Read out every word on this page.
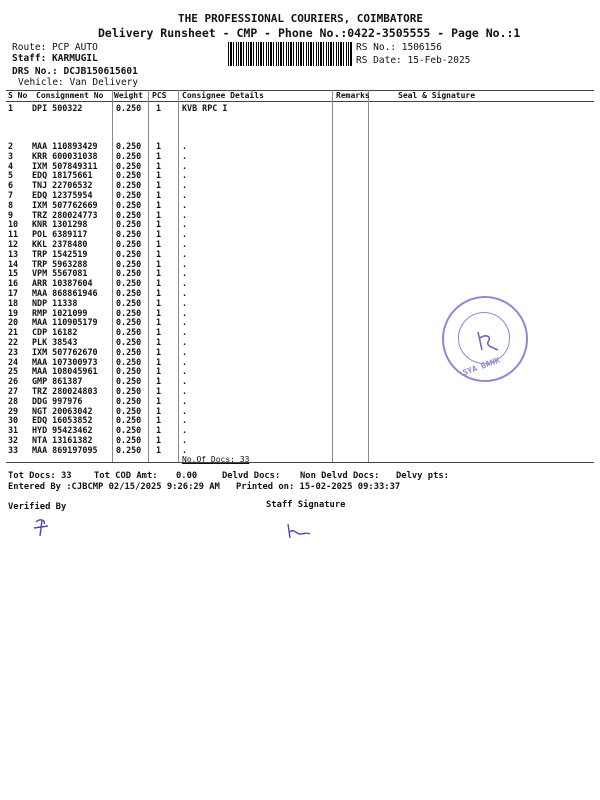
THE PROFESSIONAL COURIERS, COIMBATORE
Delivery Runsheet - CMP - Phone No.:0422-3505555 - Page No.:1
Route: PCP AUTO
Staff: KARMUGIL
DRS No.: DCJB150615601
Vehicle: Van Delivery
RS No.: 1506156
RS Date: 15-Feb-2025
S No Consignment No Weight PCS Consignee Details	Remarks	Seal & Signature
1 DPI 500322	0.250 1 KVB RPC I
2 MAA 110893429 0.250 1 .
3 KRR 600031038 0.250 1 .
4 IXM 507849311 0.250 1 .
5 EDQ 18175661	0.250 1 .
6 TNJ 22706532	0.250 1 .
7 EDQ 12375954	0.250 1 .
8 IXM 507762669 0.250 1 .
9 TRZ 280024773 0.250 1 .
10 KNR 1301298	0.250 1 .
11 POL 6389117	0.250 1 .
12 KKL 2378480	0.250 1 .
13 TRP 1542519	0.250 1 .
14 TRP 5963288	0.250 1 .
15 VPM 5567081	0.250 1 .
16 ARR 10387604	0.250 1 .
17 MAA 868861946 0.250 1 .
18 NDP 11338	0.250 1 .
19 RMP 1021099	0.250 1 .
20 MAA 110905179 0.250 1 .
21 CDP 16182	0.250 1 .
22 PLK 38543	0.250 1 .
23 IXM 507762670 0.250 1 .
24 MAA 107300973 0.250 1 .
25 MAA 108045961 0.250 1 .
26 GMP 861387	0.250 1 .
27 TRZ 280024803 0.250 1 .
28 DDG 997976	0.250 1 .
29 NGT 20063042	0.250 1 .
30 EDQ 16053852	0.250 1 .
31 HYD 95423462	0.250 1 .
32 NTA 13161382	0.250 1 .
33 MAA 869197095 0.250 1 .
No.Of Docs: 33
Tot Docs: 33	Tot COD Amt: 0.00	Delvd Docs: Non Delvd Docs: Delvy pts:
Entered By :CJBCMP 02/15/2025 9:26:29 AM Printed on: 15-02-2025 09:33:37
Verified By	Staff Signature
SYA BANK
